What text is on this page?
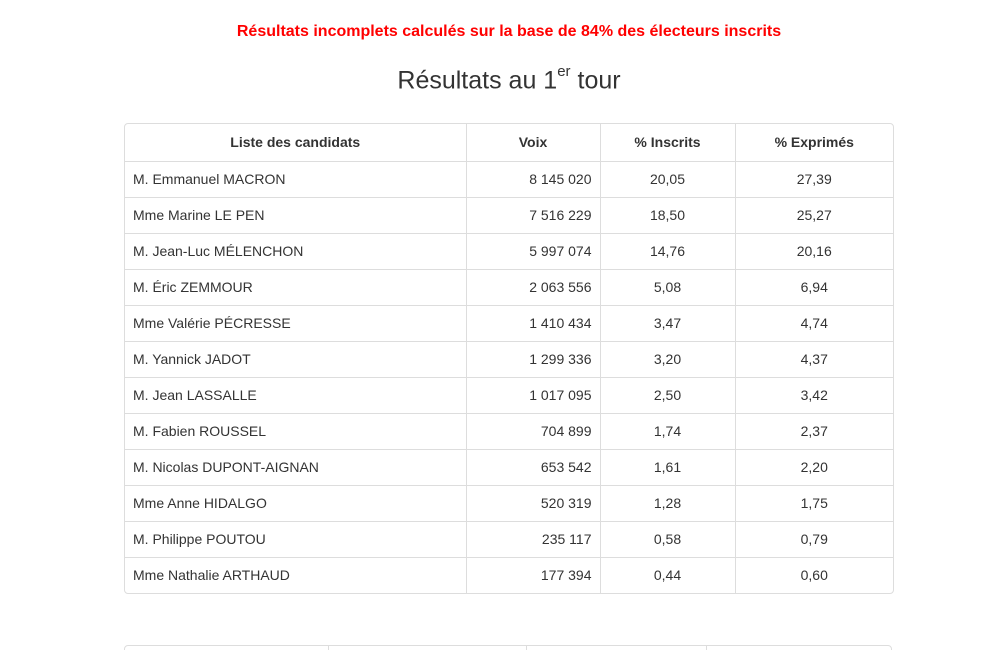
Résultats incomplets calculés sur la base de 84% des électeurs inscrits
Résultats au 1er tour
Liste des candidats	Voix	% Inscrits	% Exprimés
M. Emmanuel MACRON	8 145 020	20,05	27,39
Mme Marine LE PEN	7 516 229	18,50	25,27
M. Jean-Luc MÉLENCHON	5 997 074	14,76	20,16
M. Éric ZEMMOUR	2 063 556	5,08	6,94
Mme Valérie PÉCRESSE	1 410 434	3,47	4,74
M. Yannick JADOT	1 299 336	3,20	4,37
M. Jean LASSALLE	1 017 095	2,50	3,42
M. Fabien ROUSSEL	704 899	1,74	2,37
M. Nicolas DUPONT-AIGNAN	653 542	1,61	2,20
Mme Anne HIDALGO	520 319	1,28	1,75
M. Philippe POUTOU	235 117	0,58	0,79
Mme Nathalie ARTHAUD	177 394	0,44	0,60
